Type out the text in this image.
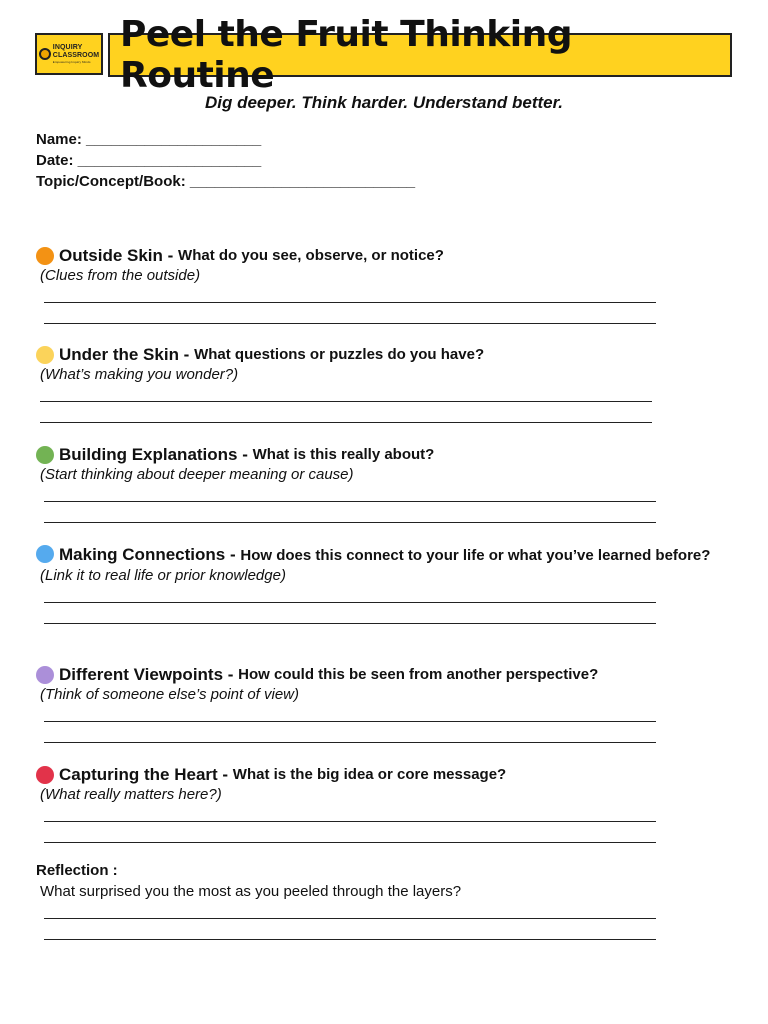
INQUIRY
CLASSROOM
Empowering Inquiry Minds
Peel the Fruit Thinking Routine
Dig deeper. Think harder. Understand better.
Name: _____________________
Date: ______________________
Topic/Concept/Book: ___________________________
Outside Skin -
What do you see, observe, or notice?
(Clues from the outside)
Under the Skin -
What questions or puzzles do you have?
(What’s making you wonder?)
Building Explanations -
What is this really about?
(Start thinking about deeper meaning or cause)
Making Connections - How does this connect to your life or what you’ve learned before?
(Link it to real life or prior knowledge)
Different Viewpoints -
How could this be seen from another perspective?
(Think of someone else’s point of view)
Capturing the Heart -
What is the big idea or core message?
(What really matters here?)
Reflection :
What surprised you the most as you peeled through the layers?
